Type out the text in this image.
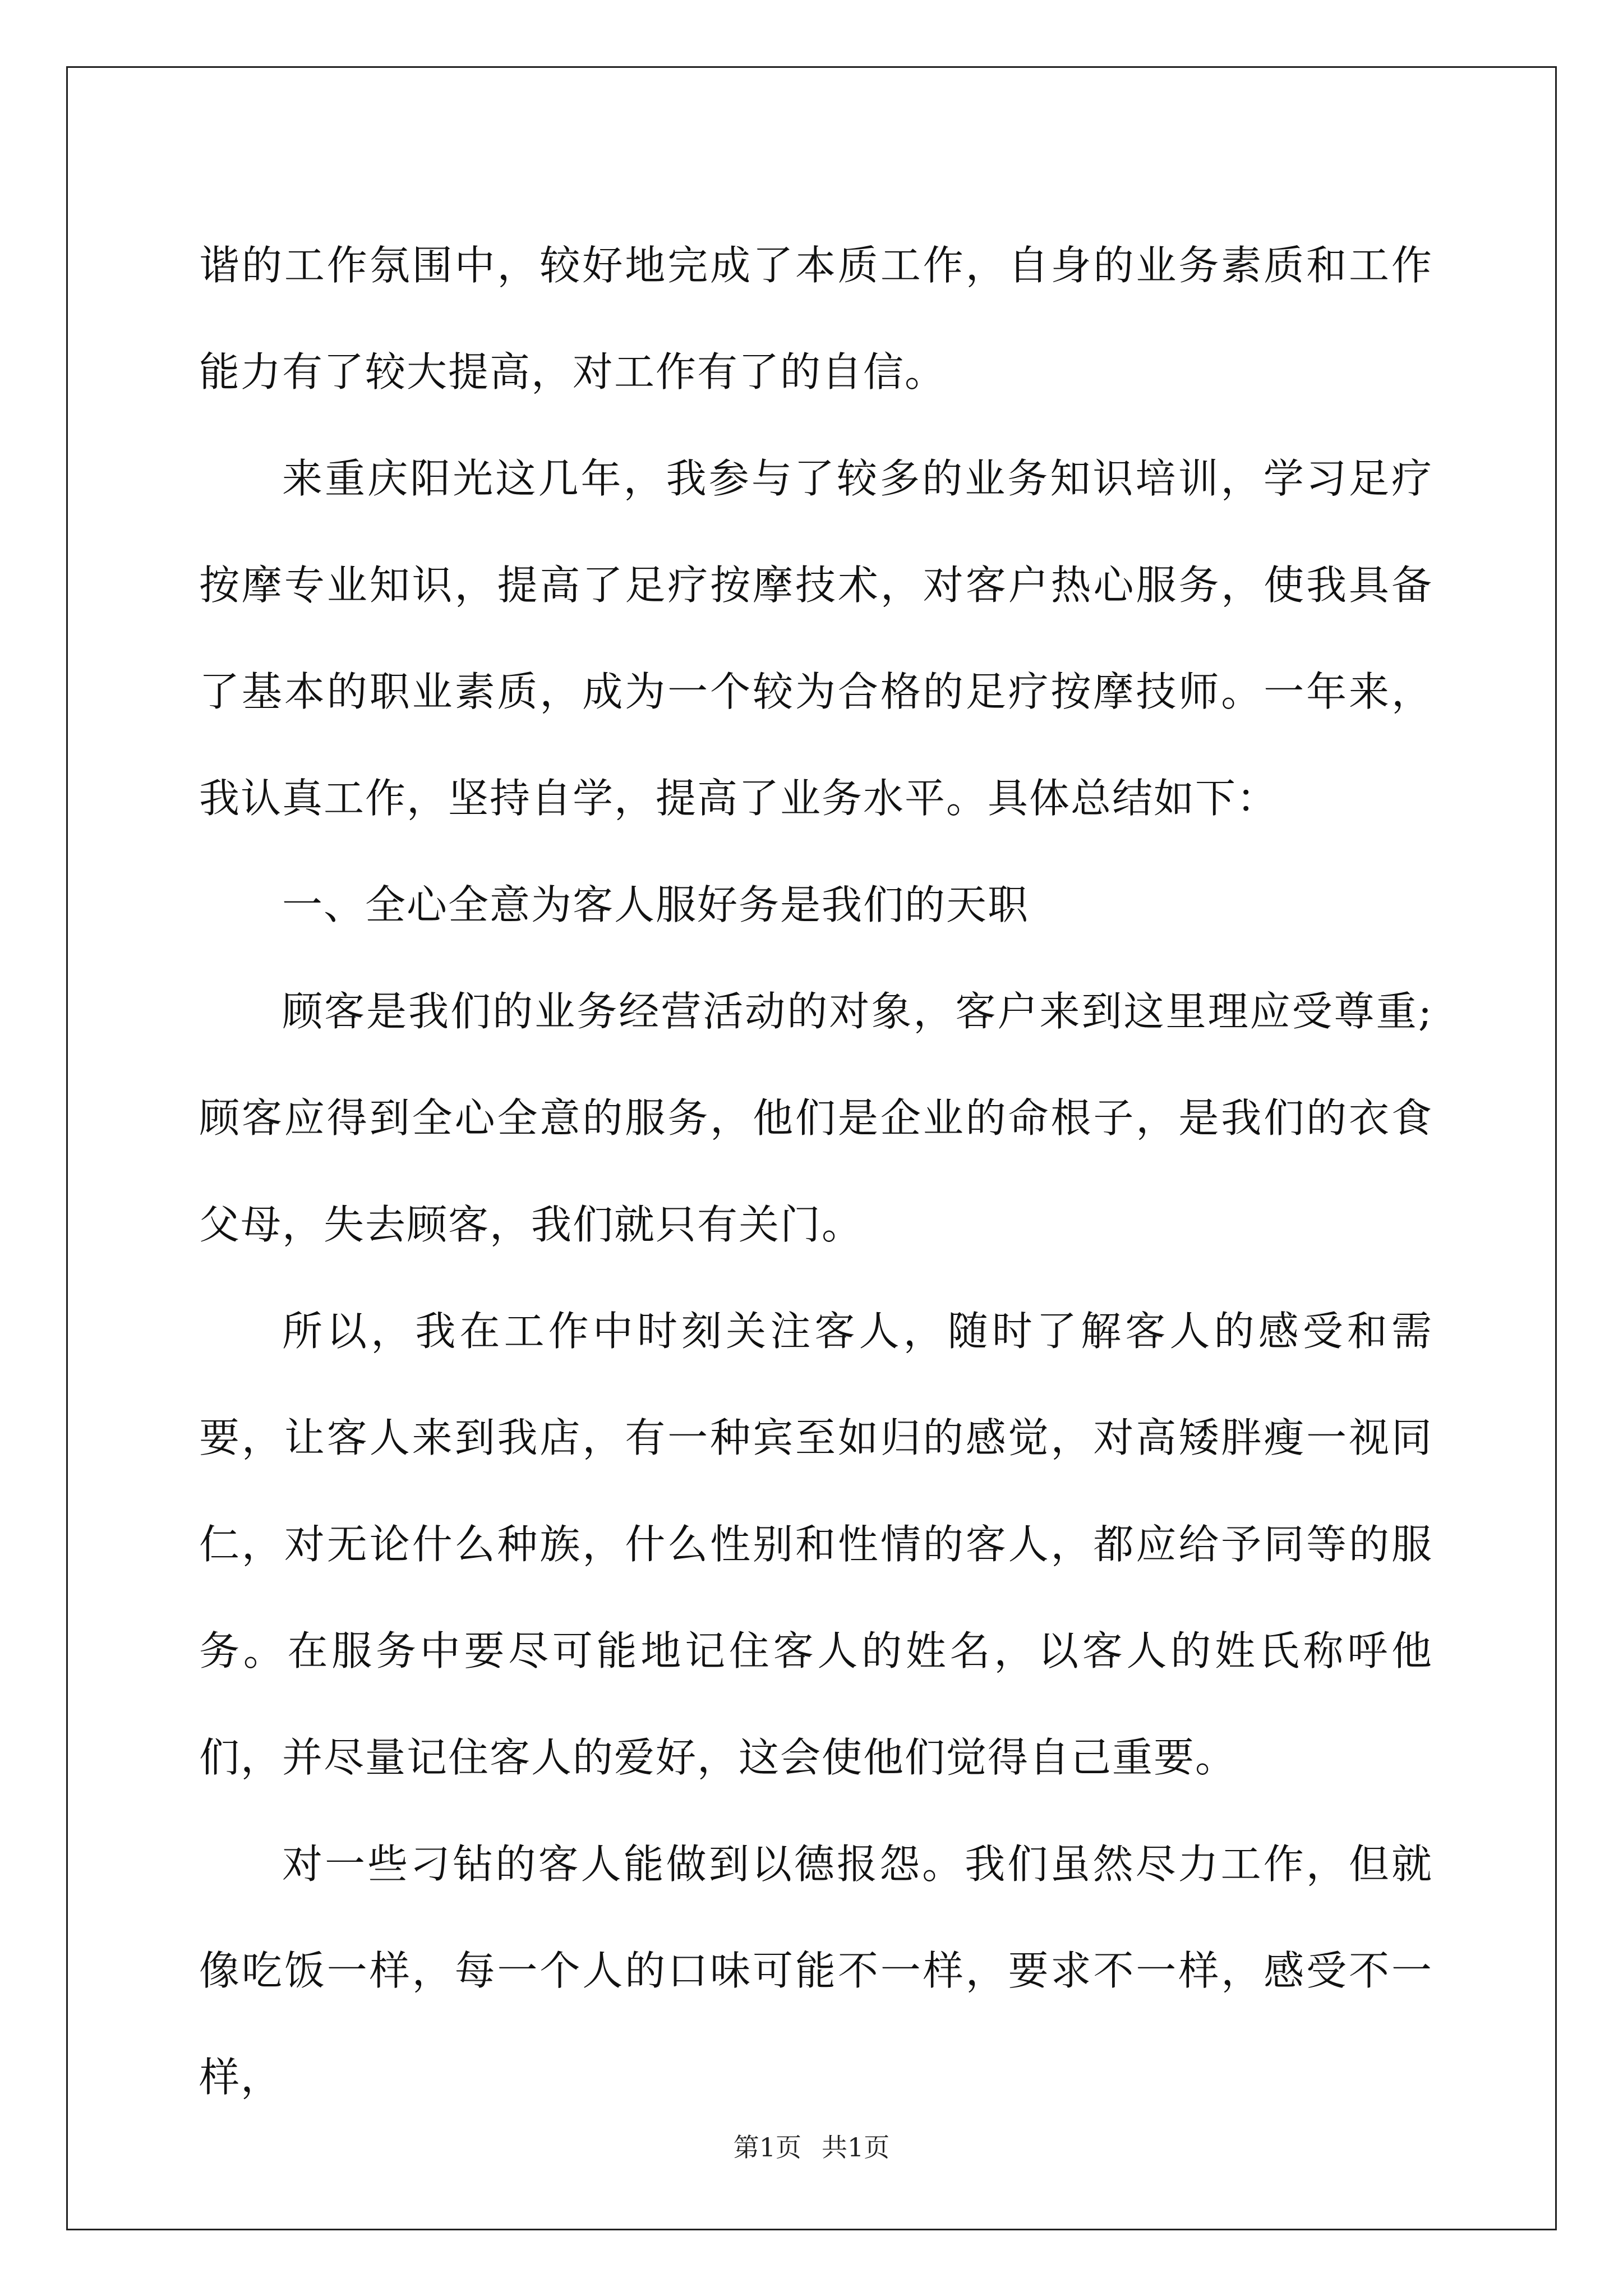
谐的工作氛围中，较好地完成了本质工作，自身的业务素质和工作能力有了较大提高，对工作有了的自信。

来重庆阳光这几年，我参与了较多的业务知识培训，学习足疗按摩专业知识，提高了足疗按摩技术，对客户热心服务，使我具备了基本的职业素质，成为一个较为合格的足疗按摩技师。一年来，我认真工作，坚持自学，提高了业务水平。具体总结如下：

一、全心全意为客人服好务是我们的天职

顾客是我们的业务经营活动的对象，客户来到这里理应受尊重;顾客应得到全心全意的服务，他们是企业的命根子，是我们的衣食父母，失去顾客，我们就只有关门。

所以，我在工作中时刻关注客人，随时了解客人的感受和需要，让客人来到我店，有一种宾至如归的感觉，对高矮胖瘦一视同仁，对无论什么种族，什么性别和性情的客人，都应给予同等的服务。在服务中要尽可能地记住客人的姓名，以客人的姓氏称呼他们，并尽量记住客人的爱好，这会使他们觉得自己重要。

对一些刁钻的客人能做到以德报怨。我们虽然尽力工作，但就像吃饭一样，每一个人的口味可能不一样，要求不一样，感受不一样，

第1页 共1页
